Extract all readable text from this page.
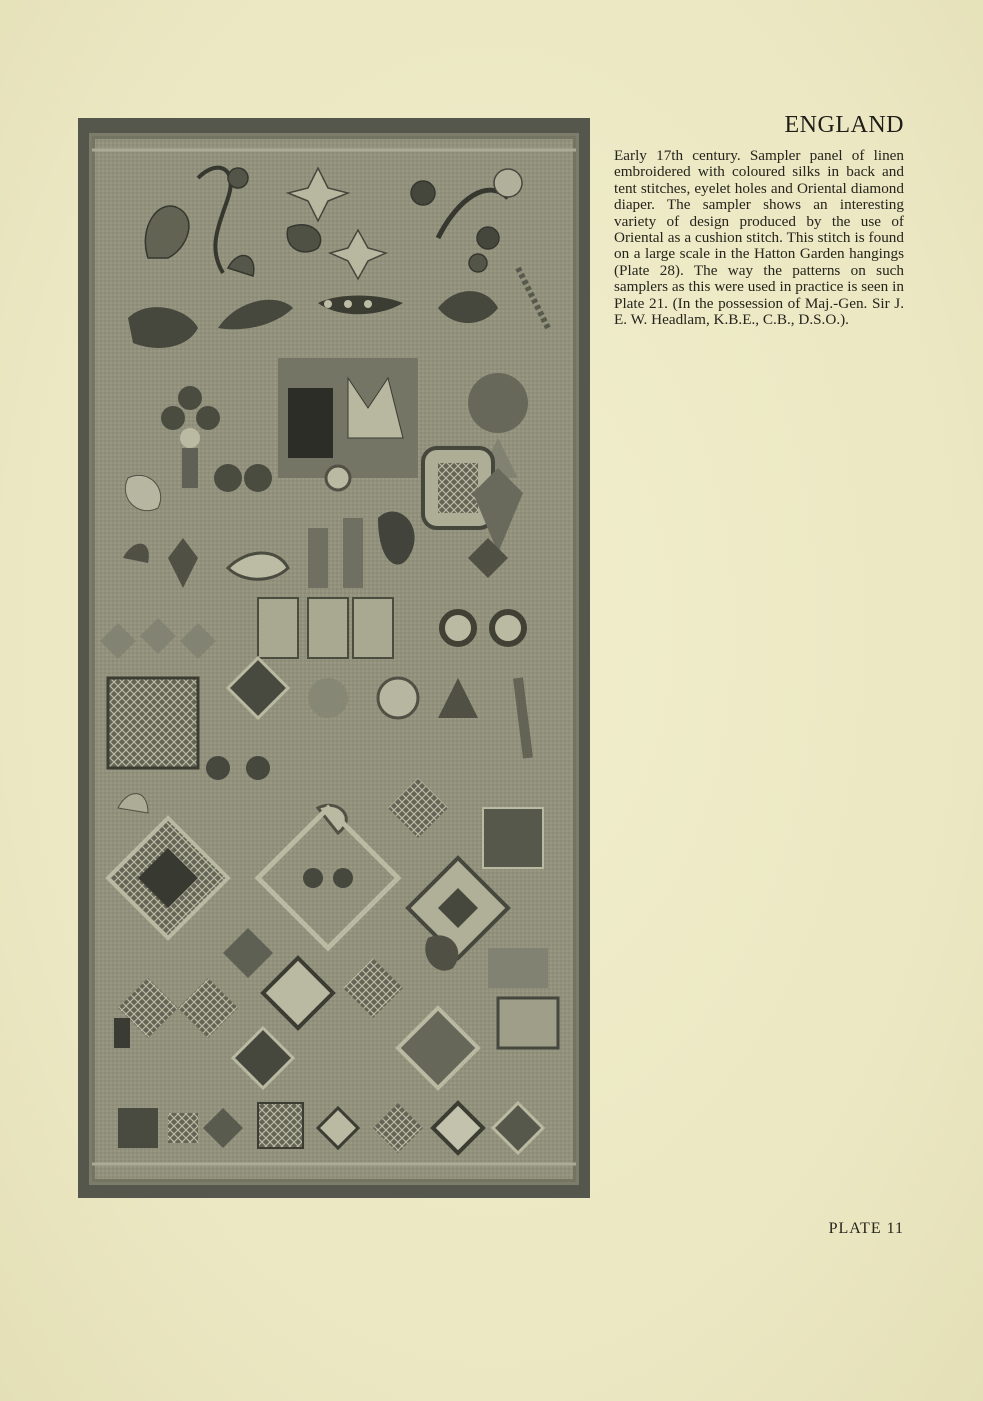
ENGLAND
Early 17th century. Sampler panel of linen embroidered with coloured silks in back and tent stitches, eyelet holes and Oriental diamond diaper. The sampler shows an interesting variety of design produced by the use of Oriental as a cushion stitch. This stitch is found on a large scale in the Hatton Garden hangings (Plate 28). The way the patterns on such samplers as this were used in practice is seen in Plate 21. (In the possession of Maj.-Gen. Sir J. E. W. Headlam, K.B.E., C.B., D.S.O.).
PLATE 11
